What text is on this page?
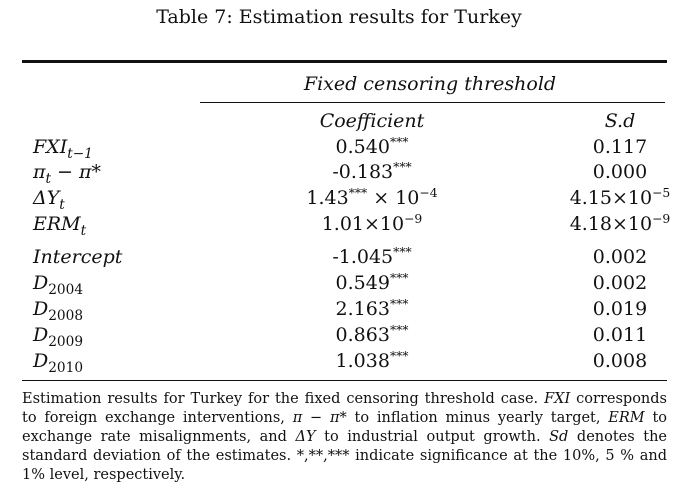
Table 7: Estimation results for Turkey
Fixed censoring threshold
Coefficient	S.d
$FXI_{t-1}$	0.540***	0.117
$\pi_t - \pi*$	-0.183***	0.000
$\Delta Y_t$	$1.43^{***} \times 10^{-4}$	$4.15\times 10^{-5}$
$ERM_t$	$1.01\times 10^{-9}$	$4.18\times 10^{-9}$
Intercept	-1.045***	0.002
$D_{2004}$	0.549***	0.002
$D_{2008}$	2.163***	0.019
$D_{2009}$	0.863***	0.011
$D_{2010}$	1.038***	0.008
Estimation results for Turkey for the fixed censoring threshold case. FXI corresponds to foreign exchange interventions, π − π* to inflation minus yearly target, ERM to exchange rate misalignments, and ΔY to industrial output growth. Sd denotes the standard deviation of the estimates. *,**,*** indicate significance at the 10%, 5 % and 1% level, respectively.
